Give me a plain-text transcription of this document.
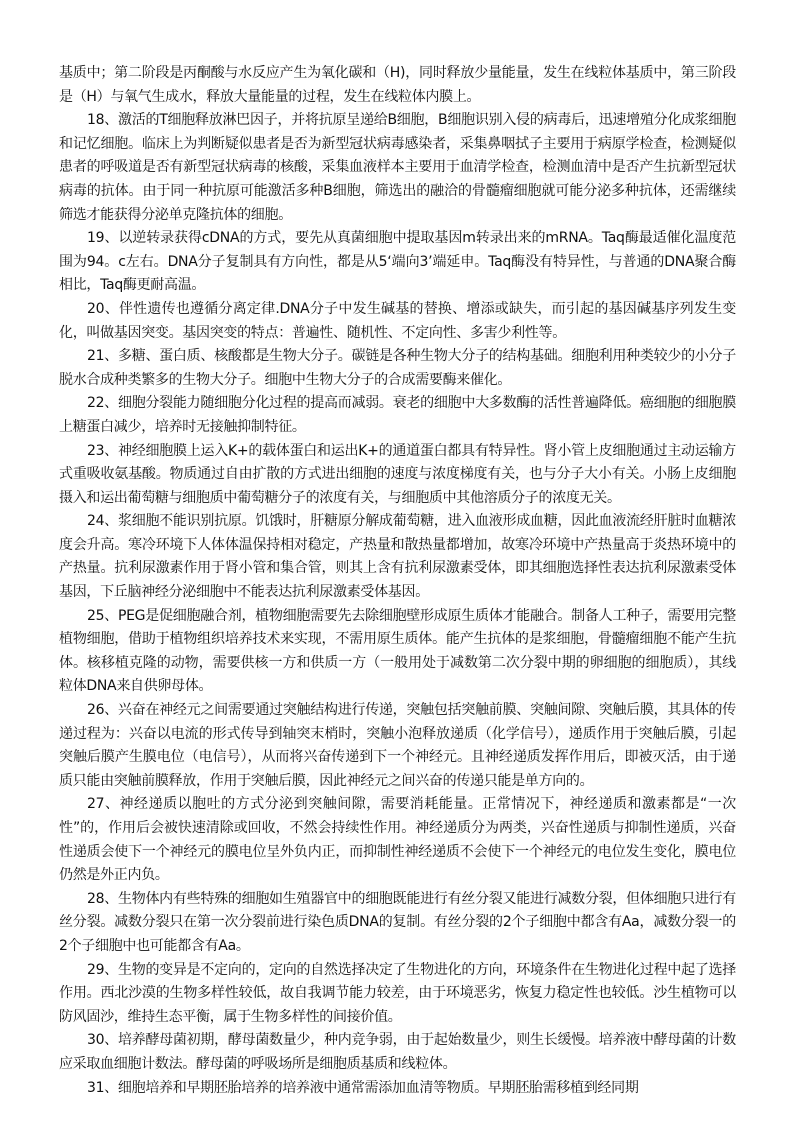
基质中；第二阶段是丙酮酸与水反应产生为氧化碳和（H)，同时释放少量能量，发生在线粒体基质中，第三阶段是（H）与氧气生成水，释放大量能量的过程，发生在线粒体内膜上。

18、激活的T细胞释放淋巴因子，并将抗原呈递给B细胞，B细胞识别入侵的病毒后，迅速增殖分化成浆细胞和记忆细胞。临床上为判断疑似患者是否为新型冠状病毒感染者，采集鼻咽拭子主要用于病原学检查，检测疑似患者的呼吸道是否有新型冠状病毒的核酸，采集血液样本主要用于血清学检查，检测血清中是否产生抗新型冠状病毒的抗体。由于同一种抗原可能激活多种B细胞，筛选出的融洽的骨髓瘤细胞就可能分泌多种抗体，还需继续筛选才能获得分泌单克隆抗体的细胞。

19、以逆转录获得cDNA的方式，要先从真菌细胞中提取基因m转录出来的mRNA。Taq酶最适催化温度范围为94。c左右。DNA分子复制具有方向性，都是从5‘端向3’端延申。Taq酶没有特异性，与普通的DNA聚合酶相比，Taq酶更耐高温。

20、伴性遗传也遵循分离定律.DNA分子中发生碱基的替换、增添或缺失，而引起的基因碱基序列发生变化，叫做基因突变。基因突变的特点：普遍性、随机性、不定向性、多害少利性等。

21、多糖、蛋白质、核酸都是生物大分子。碳链是各种生物大分子的结构基础。细胞利用种类较少的小分子脱水合成种类繁多的生物大分子。细胞中生物大分子的合成需要酶来催化。

22、细胞分裂能力随细胞分化过程的提高而减弱。衰老的细胞中大多数酶的活性普遍降低。癌细胞的细胞膜上糖蛋白减少，培养时无接触抑制特征。

23、神经细胞膜上运入K+的载体蛋白和运出K+的通道蛋白都具有特异性。肾小管上皮细胞通过主动运输方式重吸收氨基酸。物质通过自由扩散的方式进出细胞的速度与浓度梯度有关，也与分子大小有关。小肠上皮细胞摄入和运出葡萄糖与细胞质中葡萄糖分子的浓度有关，与细胞质中其他溶质分子的浓度无关。

24、浆细胞不能识别抗原。饥饿时，肝糖原分解成葡萄糖，进入血液形成血糖，因此血液流经肝脏时血糖浓度会升高。寒冷环境下人体体温保持相对稳定，产热量和散热量都增加，故寒冷环境中产热量高于炎热环境中的产热量。抗利尿激素作用于肾小管和集合管，则其上含有抗利尿激素受体，即其细胞选择性表达抗利尿激素受体基因，下丘脑神经分泌细胞中不能表达抗利尿激素受体基因。

25、PEG是促细胞融合剂，植物细胞需要先去除细胞壁形成原生质体才能融合。制备人工种子，需要用完整植物细胞，借助于植物组织培养技术来实现，不需用原生质体。能产生抗体的是浆细胞，骨髓瘤细胞不能产生抗体。核移植克隆的动物，需要供核一方和供质一方（一般用处于减数第二次分裂中期的卵细胞的细胞质），其线粒体DNA来自供卵母体。

26、兴奋在神经元之间需要通过突触结构进行传递，突触包括突触前膜、突触间隙、突触后膜，其具体的传递过程为：兴奋以电流的形式传导到轴突末梢时，突触小泡释放递质（化学信号），递质作用于突触后膜，引起突触后膜产生膜电位（电信号），从而将兴奋传递到下一个神经元。且神经递质发挥作用后，即被灭活，由于递质只能由突触前膜释放，作用于突触后膜，因此神经元之间兴奋的传递只能是单方向的。

27、神经递质以胞吐的方式分泌到突触间隙，需要消耗能量。正常情况下，神经递质和激素都是“一次性”的，作用后会被快速清除或回收，不然会持续性作用。神经递质分为两类，兴奋性递质与抑制性递质，兴奋性递质会使下一个神经元的膜电位呈外负内正，而抑制性神经递质不会使下一个神经元的电位发生变化，膜电位仍然是外正内负。

28、生物体内有些特殊的细胞如生殖器官中的细胞既能进行有丝分裂又能进行减数分裂，但体细胞只进行有丝分裂。减数分裂只在第一次分裂前进行染色质DNA的复制。有丝分裂的2个子细胞中都含有Aa，减数分裂一的2个子细胞中也可能都含有Aa。

29、生物的变异是不定向的，定向的自然选择决定了生物进化的方向，环境条件在生物进化过程中起了选择作用。西北沙漠的生物多样性较低，故自我调节能力较差，由于环境恶劣，恢复力稳定性也较低。沙生植物可以防风固沙，维持生态平衡，属于生物多样性的间接价值。

30、培养酵母菌初期，酵母菌数量少，种内竞争弱，由于起始数量少，则生长缓慢。培养液中酵母菌的计数应采取血细胞计数法。酵母菌的呼吸场所是细胞质基质和线粒体。

31、细胞培养和早期胚胎培养的培养液中通常需添加血清等物质。早期胚胎需移植到经同期
